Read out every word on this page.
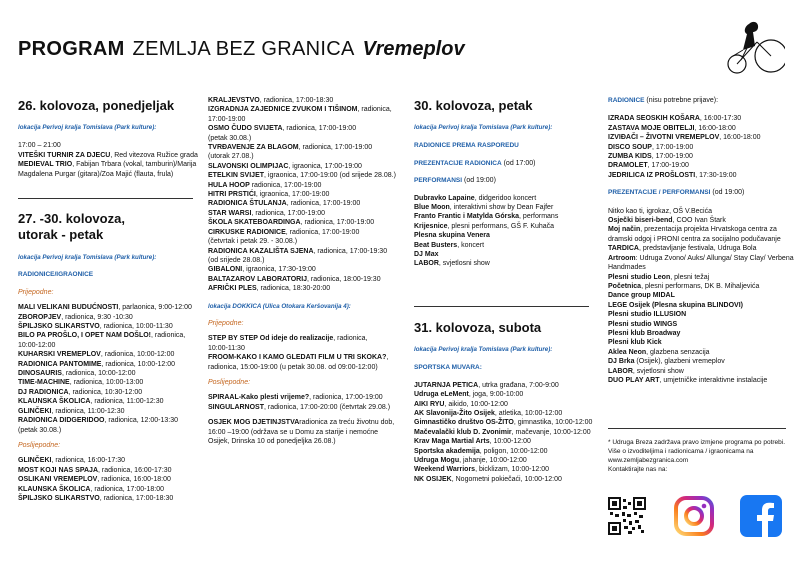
PROGRAM ZEMLJA BEZ GRANICA Vremeplov
26. kolovoza, ponedjeljak
lokacija Perivoj kralja Tomislava (Park kulture):
17:00 – 21:00
VITEŠKI TURNIR ZA DJECU, Red vitezova Ružice grada
MEDIEVAL TRIO, Fabijan Trbara (vokal, tamburin)/Marija
Magdalena Purgar (gitara)/Zoa Majić (flauta, frula)
27. -30. kolovoza,
utorak - petak
lokacija Perivoj kralja Tomislava (Park kulture):
RADIONICE/IGRAONICE
Prijepodne:
MALI VELIKANI BUDUĆNOSTI, parlaonica, 9:00-12:00
ZBOROPJEV, radionica, 9:30 -10:30
ŠPILJSKO SLIKARSTVO, radionica, 10:00-11:30
BILO PA PROŠLO, I OPET NAM DOŠLO!, radionica,
10:00-12:00
KUHARSKI VREMEPLOV, radionica, 10:00-12:00
RADIONICA PANTOMIME, radionica, 10:00-12:00
DINOSAURIS, radionica, 10:00-12:00
TIME-MACHINE, radionica, 10:00-13:00
DJ RADIONICA, radionica, 10:30-12:00
KLAUNSKA ŠKOLICA, radionica, 11:00-12:30
GLINČEKI, radionica, 11:00-12:30
RADIONICA DIDGERIDOO, radionica, 12:00-13:30
(petak 30.08.)
Poslijepodne:
GLINČEKI, radionica, 16:00-17:30
MOST KOJI NAS SPAJA, radionica, 16:00-17:30
OSLIKANI VREMEPLOV, radionica, 16:00-18:00
KLAUNSKA ŠKOLICA, radionica, 17:00-18:00
ŠPILJSKO SLIKARSTVO, radionica, 17:00-18:30
KRALJEVSTVO, radionica, 17:00-18:30
IZGRADNJA ZAJEDNICE ZVUKOM I TIŠINOM, radionica,
17:00-19:00
OSMO ČUDO SVIJETA, radionica, 17:00-19:00
(petak 30.08.)
TVRĐAVENJE ZA BLAGOM, radionica, 17:00-19:00
(utorak 27.08.)
SLAVONSKI OLIMPIJAC, igraonica, 17:00-19:00
ETELKIN SVIJET, igraonica, 17:00-19:00 (od srijede 28.08.)
HULA HOOP radionica, 17:00-19:00
HITRI PRSTIĆI, igraonica, 17:00-19:00
RADIONICA ŠTULANJA, radionica, 17:00-19:00
STAR WARSI, radionica, 17:00-19:00
ŠKOLA SKATEBOARDINGA, radionica, 17:00-19:00
CIRKUSKE RADIONICE, radionica, 17:00-19:00
(četvrtak i petak 29. - 30.08.)
RADIONICA KAZALIŠTA SJENA, radionica, 17:00-19:30
(od srijede 28.08.)
GIBALONI, igraonica, 17:30-19:00
BALTAZAROV LABORATORIJ, radionica, 18:00-19:30
AFRIČKI PLES, radionica, 18:30-20:00
lokacija DOKKICA (Ulica Otokara Keršovanija 4):
Prijepodne:
STEP BY STEP Od ideje do realizacije, radionica,
10:00-11:30
FROOM-KAKO I KAMO GLEDATI FILM U TRI SKOKA?,
radionica, 15:00-19:00 (u petak 30.08. od 09:00-12:00)
Poslijepodne:
SPIRAAL-Kako plesti vrijeme?, radionica, 17:00-19:00
SINGULARNOST, radionica, 17:00-20:00 (četvrtak 29.08.)
OSJEK MOG DJETINJSTVAradionica za treću životnu dob,
16:00 –19:00 (održava se u Domu za starije i nemoćne
Osijek, Drinska 10 od ponedjeljka 26.08.)
30. kolovoza, petak
lokacija Perivoj kralja Tomislava (Park kulture):
RADIONICE PREMA RASPOREDU
PREZENTACIJE RADIONICA (od 17:00)
PERFORMANSI (od 19:00)
Dubravko Lapaine, didgeridoo koncert
Blue Moon, interaktivni show by Dean Fajfer
Franto Frantic i Matylda Górska, performans
Krijesnice, plesni performans, GŠ F. Kuhača
Plesna skupina Venera
Beat Busters, koncert
DJ Max
LABOR, svjetlosni show
31. kolovoza, subota
lokacija Perivoj kralja Tomislava (Park kulture):
SPORTSKA MUVARA:
JUTARNJA PETICA, utrka građana, 7:00-9:00
Udruga eLeMent, joga, 9:00-10:00
AIKI RYU, aikido, 10:00-12:00
AK Slavonija-Žito Osijek, atletika, 10:00-12:00
Gimnastičko društvo OS-ŽITO, gimnastika, 10:00-12:00
Mačevalački klub D. Zvonimir, mačevanje, 10:00-12:00
Krav Maga Martial Arts, 10:00-12:00
Sportska akademija, poligon, 10:00-12:00
Udruga Mogu, jahanje, 10:00-12:00
Weekend Warriors, bicklizam, 10:00-12:00
NK OSIJEK, Nogometni pokiečaći, 10:00-12:00
RADIONICE (nisu potrebne prijave):
IZRADA SEOSKIH KOŠARA, 16:00-17:30
ZASTAVA MOJE OBITELJI, 16:00-18:00
IZVIĐAČI – ŽIVOTNI VREMEPLOV, 16:00-18:00
DISCO SOUP, 17:00-19:00
ZUMBA KIDS, 17:00-19:00
DRAMOLET, 17:00-19:00
JEDRILICA IZ PROŠLOSTI, 17:30-19:00
PREZENTACIJE / PERFORMANSI (od 19:00)
Nitko kao ti, igrokaz, OŠ V.Becića
Osječki biseri-bend, COO Ivan Štark
Moj način, prezentacija projekta Hrvatskoga centra za
dramski odgoj i PRONI centra za socijalno podučavanje
TARDICA, predstavljanje festivala, Udruga Bola
Artroom: Udruga Zvono/ Auks/ Allunga/ Stay Clay/ Verbena
Handmades
Plesni studio Leon, plesni težaj
Početnica, plesni performans, DK B. Mihaljevića
Dance group MIDAL
LEGE Osijek (Plesna skupina BLINDOVI)
Plesni studio ILLUSION
Plesni studio WINGS
Plesni klub Broadway
Plesni klub Kick
Aklea Neon, glazbena senzacija
DJ Brka (Osijek), glazbeni vremeplov
LABOR, svjetlosni show
DUO PLAY ART, umjetničke interaktivne instalacije
* Udruga Breza zadržava pravo izmjene programa po potrebi.
Više o izvoditeljima i radionicama / igraonicama na
www.zemljabezgranica.com
Kontaktirajte nas na:
